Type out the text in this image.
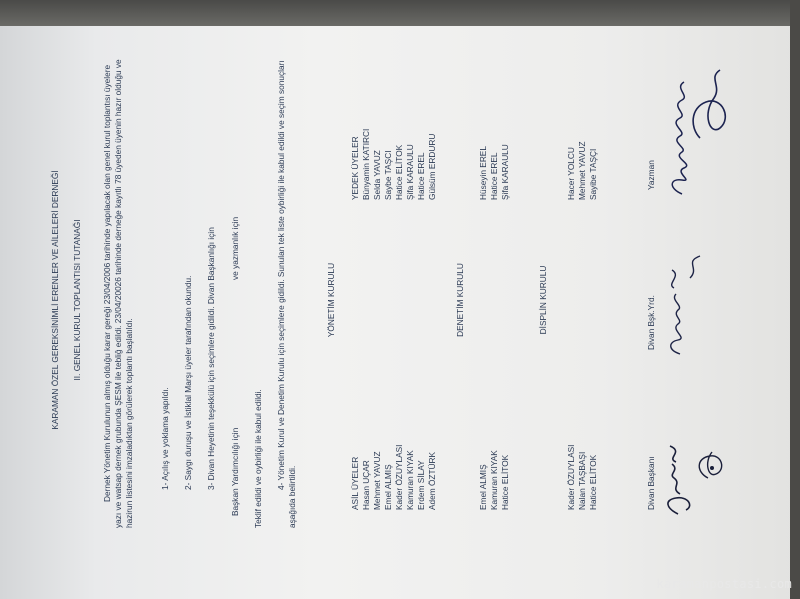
KARAMAN ÖZEL GEREKSİNİMLİ ERENLER VE AİLELERİ DERNEĞİ II. GENEL KURUL TOPLANTISI TUTANAĞI Dernek Yönetim Kurulunun almış olduğu karar gereği 23/04/2006 tarihinde yapılacak olan genel kurul toplantısı üyelere yazı ve watsap dernek grubunda ŞESM ile tebliğ edildi. 23/04/20026 tarihinde derneğe kayıtlı 78 üyeden üyenin hazır olduğu ve hazirun listesini imzaladıktan görülerek toplantı başlatıldı.	1- Açılış ve yoklama yapıldı. 2- Saygı duruşu ve İstiklal Marşı üyeler tarafından okundu. 3- Divan Heyetinin teşekkülü için seçimlere gidildi. Divan Başkanlığı için Başkan Yardımcılığı için
ve yazmanlık için
Teklif edildi ve oybirliği ile kabul edildi. 4- Yönetim Kurul ve Denetim Kurulu için seçimlere gidildi. Sunulan tek liste oybirliği ile kabul edildi ve seçim sonuçları aşağıda belirtildi.
YÖNETİM KURULU
ASİL ÜYELER Hasan UÇAR Mehmet YAVUZ Emel ALMIŞ Kader ÖZUYLASI Kamuran KIYAK Erdem SİLAY Adem ÖZTÜRK
YEDEK ÜYELER Bünyamin KATIRCI Selda YAVUZ Saybe TAŞCI Hatice ELİTOK Şifa KARAULU Hatice EREL Gülsüm ERDURU
DENETİM KURULU
Emel ALMIŞ Kamuran KIYAK Hatice ELİTOK
Hüseyin EREL Hatice EREL Şifa KARAULU
DİSPLİN KURULU
Kader ÖZUYLASI Nalan TAŞBAŞI Hatice ELİTOK
Hacer YOLCU Mehmet YAVUZ Sayibe TAŞÇI
Divan Başkanı
Divan Bşk.Yrd.
Yazman
karamanpostasi.com
